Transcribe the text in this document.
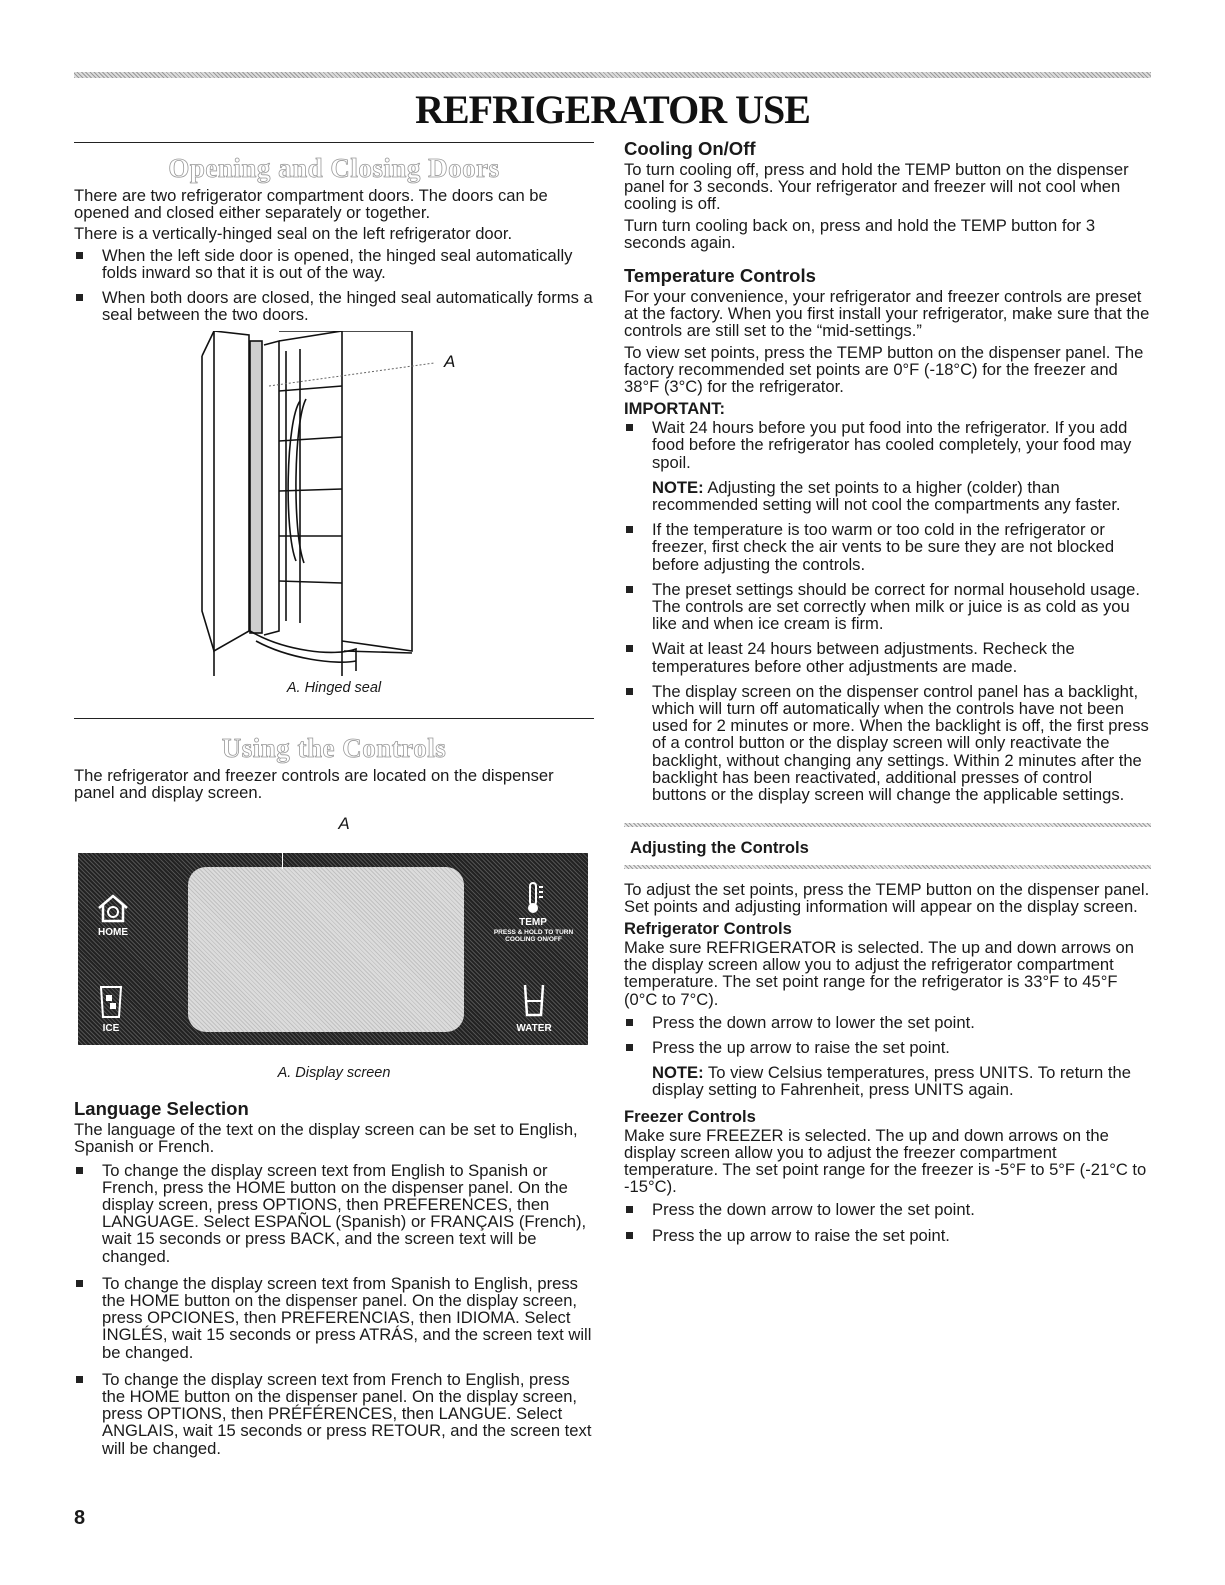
REFRIGERATOR USE
Opening and Closing Doors

There are two refrigerator compartment doors. The doors can be opened and closed either separately or together.

There is a vertically-hinged seal on the left refrigerator door.

When the left side door is opened, the hinged seal automatically folds inward so that it is out of the way.
When both doors are closed, the hinged seal automatically forms a seal between the two doors.
A

A. Hinged seal

Using the Controls

The refrigerator and freezer controls are located on the dispenser panel and display screen.

A

HOME
TEMP
PRESS & HOLD TO TURN
COOLING ON/OFF
ICE	WATER

A. Display screen

Language Selection

The language of the text on the display screen can be set to English, Spanish or French.

To change the display screen text from English to Spanish or French, press the HOME button on the dispenser panel. On the display screen, press OPTIONS, then PREFERENCES, then LANGUAGE. Select ESPAÑOL (Spanish) or FRANÇAIS (French), wait 15 seconds or press BACK, and the screen text will be changed.
To change the display screen text from Spanish to English, press the HOME button on the dispenser panel. On the display screen, press OPCIONES, then PREFERENCIAS, then IDIOMA. Select INGLÉS, wait 15 seconds or press ATRÁS, and the screen text will be changed.
To change the display screen text from French to English, press the HOME button on the dispenser panel. On the display screen, press OPTIONS, then PRÉFÉRENCES, then LANGUE. Select ANGLAIS, wait 15 seconds or press RETOUR, and the screen text will be changed.
Cooling On/Off

To turn cooling off, press and hold the TEMP button on the dispenser panel for 3 seconds. Your refrigerator and freezer will not cool when cooling is off.

Turn turn cooling back on, press and hold the TEMP button for 3 seconds again.

Temperature Controls

For your convenience, your refrigerator and freezer controls are preset at the factory. When you first install your refrigerator, make sure that the controls are still set to the “mid-settings.”

To view set points, press the TEMP button on the dispenser panel. The factory recommended set points are 0°F (-18°C) for the freezer and 38°F (3°C) for the refrigerator.

IMPORTANT:
Wait 24 hours before you put food into the refrigerator. If you add food before the refrigerator has cooled completely, your food may spoil.

NOTE: Adjusting the set points to a higher (colder) than recommended setting will not cool the compartments any faster.

If the temperature is too warm or too cold in the refrigerator or freezer, first check the air vents to be sure they are not blocked before adjusting the controls.
The preset settings should be correct for normal household usage. The controls are set correctly when milk or juice is as cold as you like and when ice cream is firm.
Wait at least 24 hours between adjustments. Recheck the temperatures before other adjustments are made.
The display screen on the dispenser control panel has a backlight, which will turn off automatically when the controls have not been used for 2 minutes or more. When the backlight is off, the first press of a control button or the display screen will only reactivate the backlight, without changing any settings. Within 2 minutes after the backlight has been reactivated, additional presses of control buttons or the display screen will change the applicable settings.
Adjusting the Controls

To adjust the set points, press the TEMP button on the dispenser panel. Set points and adjusting information will appear on the display screen.

Refrigerator Controls

Make sure REFRIGERATOR is selected. The up and down arrows on the display screen allow you to adjust the refrigerator compartment temperature. The set point range for the refrigerator is 33°F to 45°F (0°C to 7°C).

Press the down arrow to lower the set point.
Press the up arrow to raise the set point.

NOTE: To view Celsius temperatures, press UNITS. To return the display setting to Fahrenheit, press UNITS again.

Freezer Controls

Make sure FREEZER is selected. The up and down arrows on the display screen allow you to adjust the freezer compartment temperature. The set point range for the freezer is -5°F to 5°F (-21°C to -15°C).

Press the down arrow to lower the set point.
Press the up arrow to raise the set point.
8
